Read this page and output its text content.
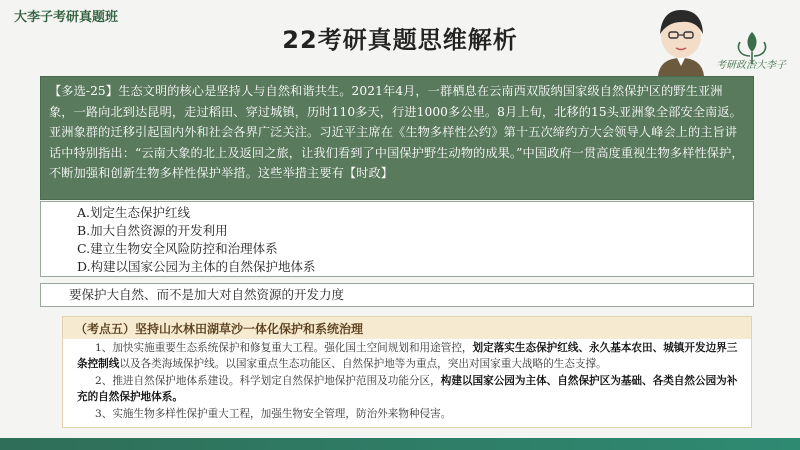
大李子考研真题班
22考研真题思维解析
考研政治大李子
【多选-25】生态文明的核心是坚持人与自然和谐共生。2021年4月，一群栖息在云南西双版纳国家级自然保护区的野生亚洲象，一路向北到达昆明，走过稻田、穿过城镇，历时110多天，行进1000多公里。8月上旬，北移的15头亚洲象全部安全南返。亚洲象群的迁移引起国内外和社会各界广泛关注。习近平主席在《生物多样性公约》第十五次缔约方大会领导人峰会上的主旨讲话中特别指出：“云南大象的北上及返回之旅，让我们看到了中国保护野生动物的成果。”中国政府一贯高度重视生物多样性保护，不断加强和创新生物多样性保护举措。这些举措主要有【时政】
A.划定生态保护红线
B.加大自然资源的开发利用
C.建立生物安全风险防控和治理体系
D.构建以国家公园为主体的自然保护地体系
要保护大自然、而不是加大对自然资源的开发力度
（考点五）坚持山水林田湖草沙一体化保护和系统治理

1、加快实施重要生态系统保护和修复重大工程。强化国土空间规划和用途管控，划定落实生态保护红线、永久基本农田、城镇开发边界三条控制线以及各类海域保护线。以国家重点生态功能区、自然保护地等为重点，突出对国家重大战略的生态支撑。

2、推进自然保护地体系建设。科学划定自然保护地保护范围及功能分区，构建以国家公园为主体、自然保护区为基础、各类自然公园为补充的自然保护地体系。

3、实施生物多样性保护重大工程，加强生物安全管理，防治外来物种侵害。
